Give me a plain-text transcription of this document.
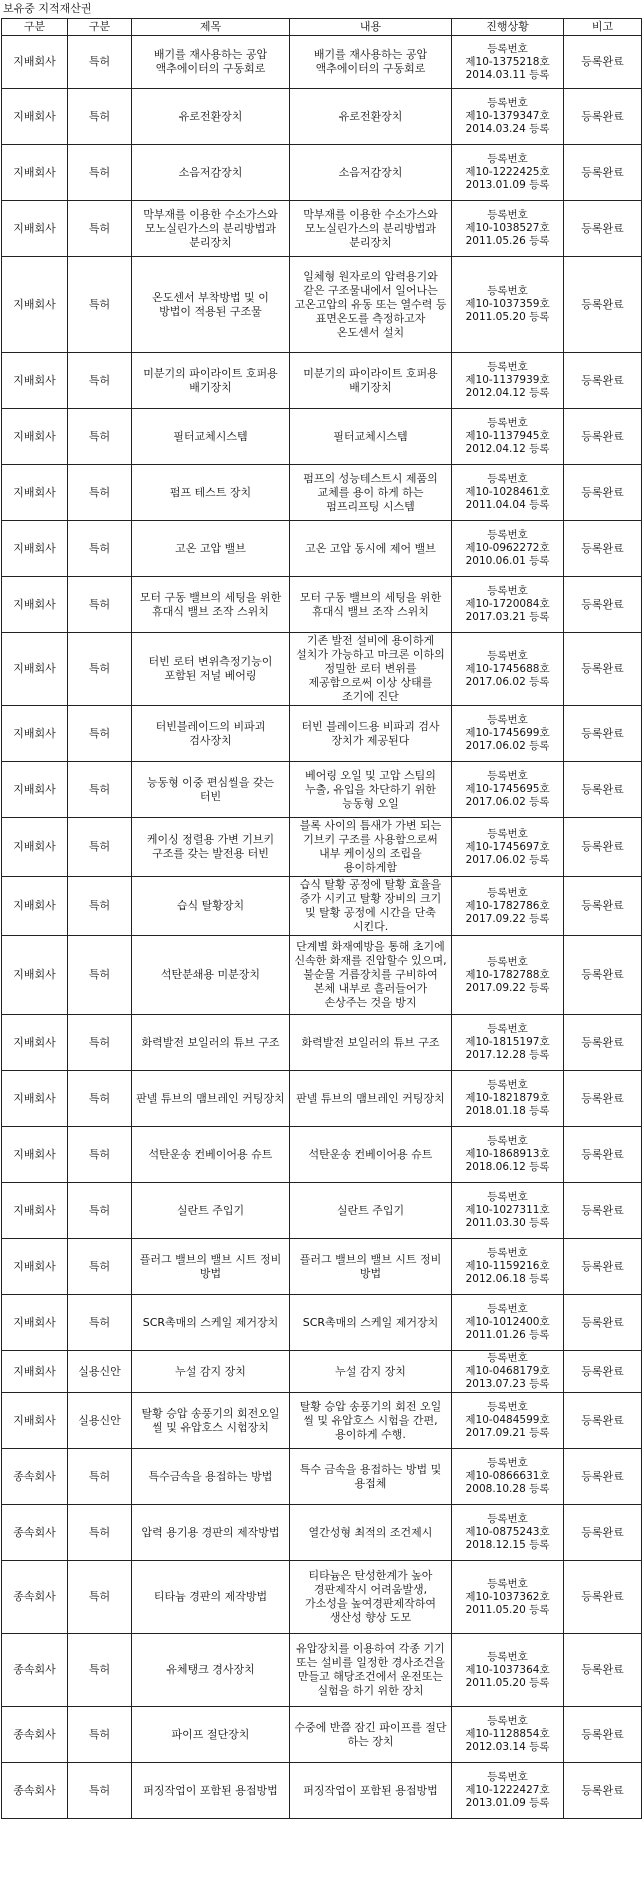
보유중 지적재산권
구분	구분	제목	내용	진행상황	비고
지배회사	특허	배기를 재사용하는 공압 액추에이터의 구동회로	배기를 재사용하는 공압 액추에이터의 구동회로	등록번호
제10-1375218호
2014.03.11 등록	등록완료
지배회사	특허	유로전환장치	유로전환장치	등록번호
제10-1379347호
2014.03.24 등록	등록완료
지배회사	특허	소음저감장치	소음저감장치	등록번호
제10-1222425호
2013.01.09 등록	등록완료
지배회사	특허	막부재를 이용한 수소가스와 모노실린가스의 분리방법과 분리장치	막부재를 이용한 수소가스와 모노실린가스의 분리방법과 분리장치	등록번호
제10-1038527호
2011.05.26 등록	등록완료
지배회사	특허	온도센서 부착방법 및 이 방법이 적용된 구조물	일체형 원자로의 압력용기와 같은 구조물내에서 일어나는 고온고압의 유동 또는 열수력 등 표면온도를 측정하고자 온도센서 설치	등록번호
제10-1037359호
2011.05.20 등록	등록완료
지배회사	특허	미분기의 파이라이트 호퍼용 배기장치	미분기의 파이라이트 호퍼용 배기장치	등록번호
제10-1137939호
2012.04.12 등록	등록완료
지배회사	특허	필터교체시스템	필터교체시스템	등록번호
제10-1137945호
2012.04.12 등록	등록완료
지배회사	특허	펌프 테스트 장치	펌프의 성능테스트시 제품의 교체를 용이 하게 하는 펌프리프팅 시스템	등록번호
제10-1028461호
2011.04.04 등록	등록완료
지배회사	특허	고온 고압 밸브	고온 고압 동시에 제어 밸브	등록번호
제10-0962272호
2010.06.01 등록	등록완료
지배회사	특허	모터 구동 밸브의 세팅을 위한 휴대식 밸브 조작 스위치	모터 구동 밸브의 세팅을 위한 휴대식 밸브 조작 스위치	등록번호
제10-1720084호
2017.03.21 등록	등록완료
지배회사	특허	터빈 로터 변위측정기능이 포함된 저널 베어링	기존 발전 설비에 용이하게 설치가 가능하고 마크론 이하의 정밀한 로터 변위를 제공함으로써 이상 상태를 조기에 진단	등록번호
제10-1745688호
2017.06.02 등록	등록완료
지배회사	특허	터빈블레이드의 비파괴 검사장치	터빈 블레이드용 비파괴 검사 장치가 제공된다	등록번호
제10-1745699호
2017.06.02 등록	등록완료
지배회사	특허	능동형 이중 편심씰을 갖는 터빈	베어링 오일 및 고압 스팀의 누출, 유입을 차단하기 위한 능동형 오일	등록번호
제10-1745695호
2017.06.02 등록	등록완료
지배회사	특허	케이싱 정렬용 가변 기브키 구조를 갖는 발전용 터빈	블록 사이의 틈새가 가변 되는 기브키 구조를 사용함으로써 내부 케이싱의 조립을 용이하게함	등록번호
제10-1745697호
2017.06.02 등록	등록완료
지배회사	특허	습식 탈황장치	습식 탈황 공정에 탈황 효율을 증가 시키고 탈황 장비의 크기 및 탈황 공정에 시간을 단축 시킨다.	등록번호
제10-1782786호
2017.09.22 등록	등록완료
지배회사	특허	석탄분쇄용 미분장치	단계별 화재예방을 통해 초기에 신속한 화재를 진압할수 있으며, 불순물 거름장치를 구비하여 본체 내부로 흘러들어가 손상주는 것을 방지	등록번호
제10-1782788호
2017.09.22 등록	등록완료
지배회사	특허	화력발전 보일러의 튜브 구조	화력발전 보일러의 튜브 구조	등록번호
제10-1815197호
2017.12.28 등록	등록완료
지배회사	특허	판넬 튜브의 맴브레인 커팅장치	판넬 튜브의 맴브레인 커팅장치	등록번호
제10-1821879호
2018.01.18 등록	등록완료
지배회사	특허	석탄운송 컨베이어용 슈트	석탄운송 컨베이어용 슈트	등록번호
제10-1868913호
2018.06.12 등록	등록완료
지배회사	특허	실란트 주입기	실란트 주입기	등록번호
제10-1027311호
2011.03.30 등록	등록완료
지배회사	특허	플러그 밸브의 밸브 시트 정비 방법	플러그 밸브의 밸브 시트 정비 방법	등록번호
제10-1159216호
2012.06.18 등록	등록완료
지배회사	특허	SCR촉매의 스케일 제거장치	SCR촉매의 스케일 제거장치	등록번호
제10-1012400호
2011.01.26 등록	등록완료
지배회사	실용신안	누설 감지 장치	누설 감지 장치	등록번호
제10-0468179호
2013.07.23 등록	등록완료
지배회사	실용신안	탈황 승압 송풍기의 회전오일 씰 및 유압호스 시험장치	탈황 승압 송풍기의 회전 오일 씰 및 유압호스 시험을 간편, 용이하게 수행.	등록번호
제10-0484599호
2017.09.21 등록	등록완료
종속회사	특허	특수금속을 용접하는 방법	특수 금속을 용접하는 방법 및 용접체	등록번호
제10-0866631호
2008.10.28 등록	등록완료
종속회사	특허	압력 용기용 경판의 제작방법	열간성형 최적의 조건제시	등록번호
제10-0875243호
2018.12.15 등록	등록완료
종속회사	특허	티타늄 경판의 제작방법	티타늄은 탄성한계가 높아 경판제작시 어려움발생, 가소성을 높여경판제작하여 생산성 향상 도모	등록번호
제10-1037362호
2011.05.20 등록	등록완료
종속회사	특허	유체탱크 경사장치	유압장치를 이용하여 각종 기기 또는 설비를 일정한 경사조건을 만들고 해당조건에서 운전또는 실험을 하기 위한 장치	등록번호
제10-1037364호
2011.05.20 등록	등록완료
종속회사	특허	파이프 절단장치	수중에 반쯤 잠긴 파이프를 절단 하는 장치	등록번호
제10-1128854호
2012.03.14 등록	등록완료
종속회사	특허	퍼징작업이 포함된 용접방법	퍼징작업이 포함된 용접방법	등록번호
제10-1222427호
2013.01.09 등록	등록완료
